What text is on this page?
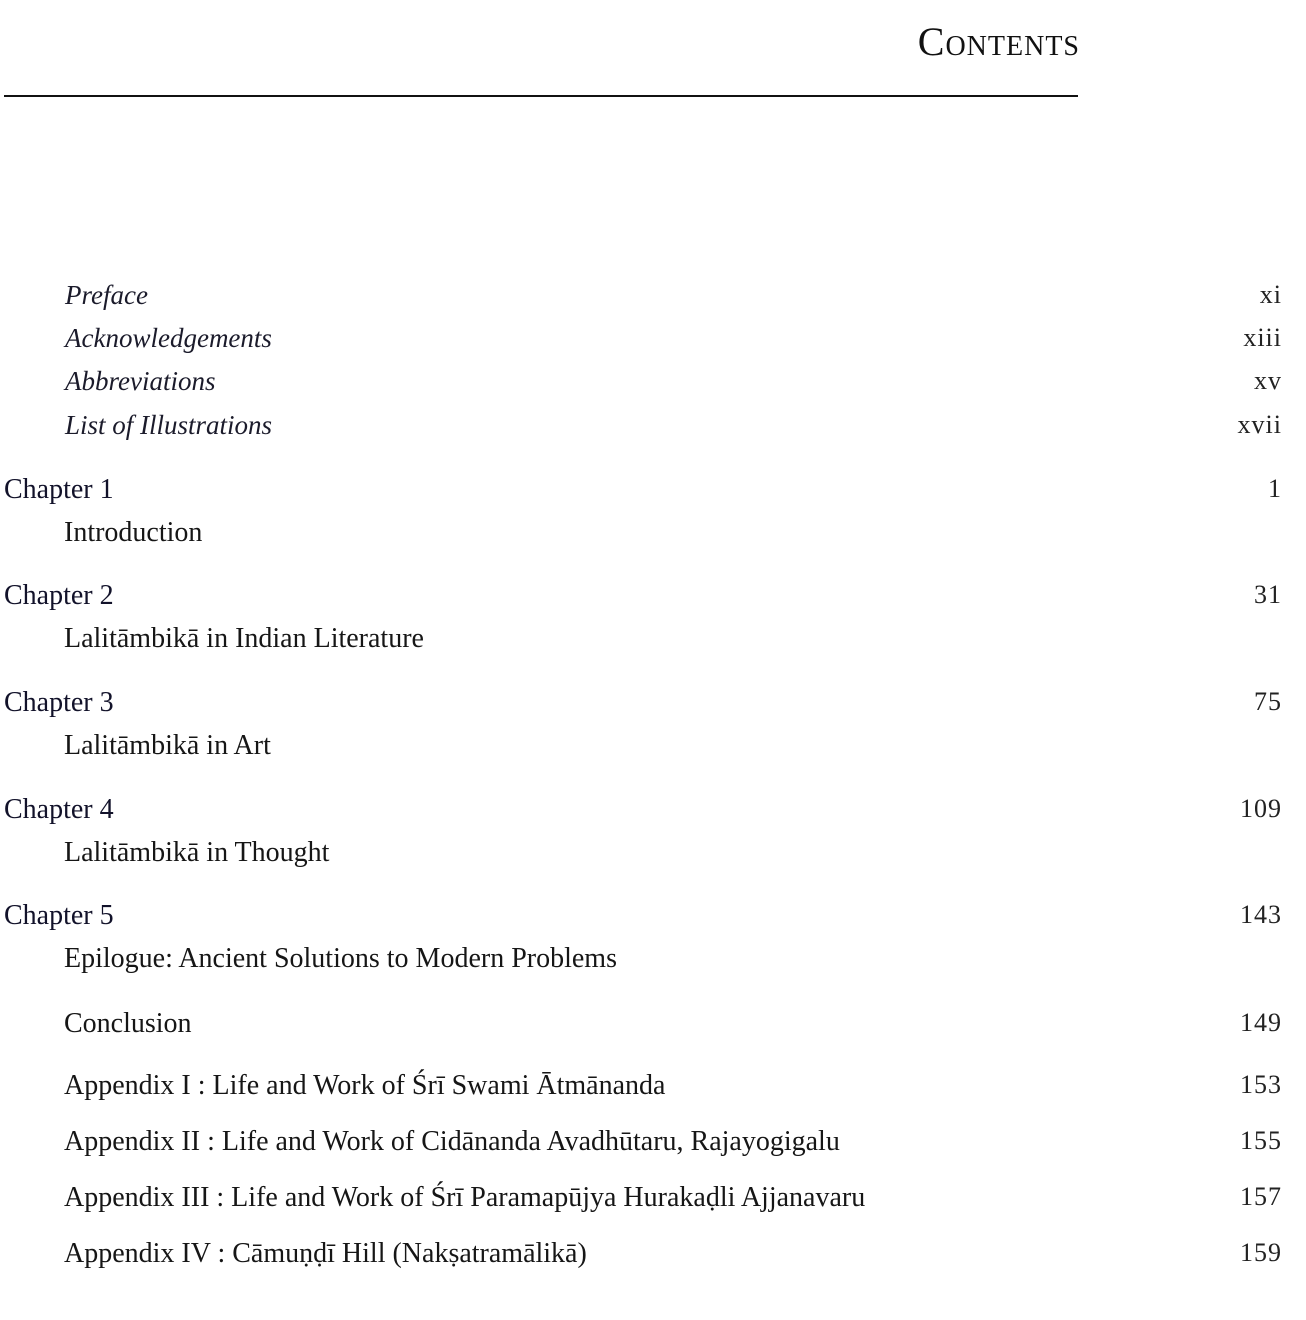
Contents
Preface	xi
Acknowledgements	xiii
Abbreviations	xv
List of Illustrations	xvii
Chapter 1	1
Introduction
Chapter 2	31
Lalitāmbikā in Indian Literature
Chapter 3	75
Lalitāmbikā in Art
Chapter 4	109
Lalitāmbikā in Thought
Chapter 5	143
Epilogue: Ancient Solutions to Modern Problems
Conclusion	149
Appendix I : Life and Work of Śrī Swami Ātmānanda	153
Appendix II : Life and Work of Cidānanda Avadhūtaru, Rajayogigalu	155
Appendix III : Life and Work of Śrī Paramapūjya Hurakaḍli Ajjanavaru	157
Appendix IV : Cāmuṇḍī Hill (Nakṣatramālikā)	159
